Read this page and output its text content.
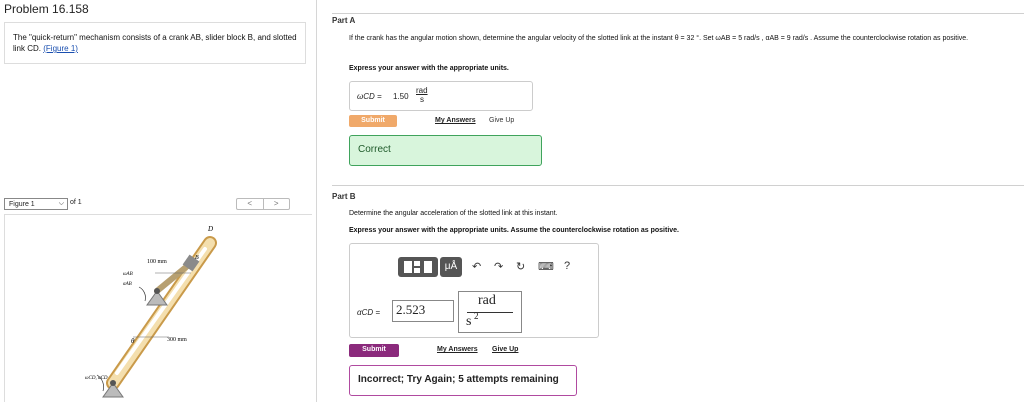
Problem 16.158
The "quick-return" mechanism consists of a crank AB, slider block B, and slotted link CD. (Figure 1)
Figure 1	⌵ of 1	<	>
D
B
100 mm
300 mm
ωAB
αAB
θ
ωCD, αCD
Part A
If the crank has the angular motion shown, determine the angular velocity of the slotted link at the instant θ = 32 °. Set ωAB = 5 rad/s , αAB = 9 rad/s . Assume the counterclockwise rotation as positive.
Express your answer with the appropriate units.
ωCD = 1.50
rad
s
Submit	My Answers Give Up
Correct
Part B
Determine the angular acceleration of the slotted link at this instant.
Express your answer with the appropriate units. Assume the counterclockwise rotation as positive.
μÅ	↶ ↷ ↻ ⌨ ?
αCD =	2.523
rad
s 2
Submit	My Answers Give Up
Incorrect; Try Again; 5 attempts remaining
